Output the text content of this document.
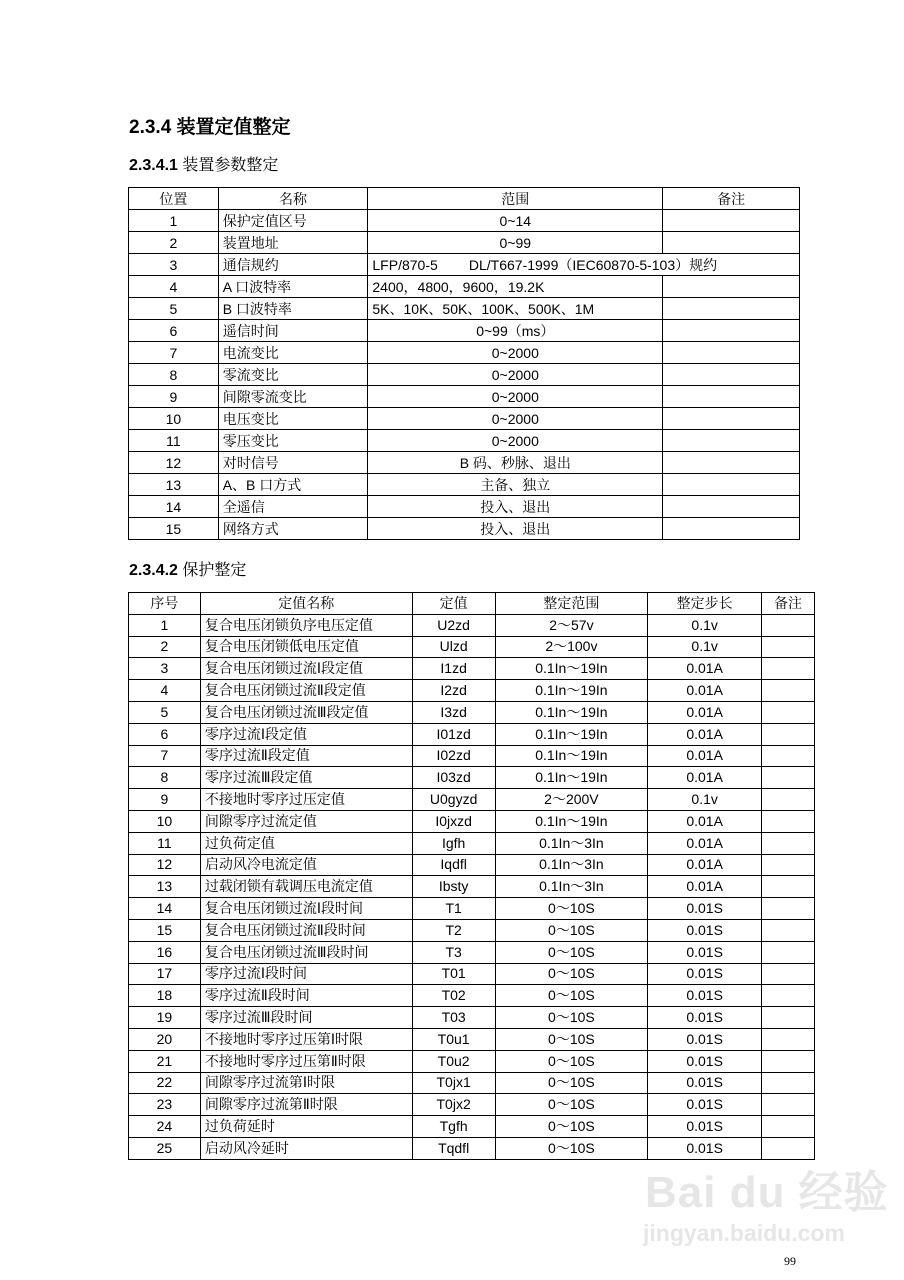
2.3.4 装置定值整定
2.3.4.1 装置参数整定
位置	名称	范围	备注
1	保护定值区号	0~14	
2	装置地址	0~99	
3	通信规约	LFP/870-5        DL/T667-1999（IEC60870-5-103）规约	
4	A 口波特率	2400，4800，9600，19.2K	
5	B 口波特率	5K、10K、50K、100K、500K、1M	
6	遥信时间	0~99（ms）	
7	电流变比	0~2000	
8	零流变比	0~2000	
9	间隙零流变比	0~2000	
10	电压变比	0~2000	
11	零压变比	0~2000	
12	对时信号	B 码、秒脉、退出	
13	A、B 口方式	主备、独立	
14	全遥信	投入、退出	
15	网络方式	投入、退出	
2.3.4.2 保护整定
序号	定值名称	定值	整定范围	整定步长	备注
1	复合电压闭锁负序电压定值	U2zd	2～57v	0.1v	
2	复合电压闭锁低电压定值	Ulzd	2～100v	0.1v	
3	复合电压闭锁过流Ⅰ段定值	I1zd	0.1In～19In	0.01A	
4	复合电压闭锁过流Ⅱ段定值	I2zd	0.1In～19In	0.01A	
5	复合电压闭锁过流Ⅲ段定值	I3zd	0.1In～19In	0.01A	
6	零序过流Ⅰ段定值	I01zd	0.1In～19In	0.01A	
7	零序过流Ⅱ段定值	I02zd	0.1In～19In	0.01A	
8	零序过流Ⅲ段定值	I03zd	0.1In～19In	0.01A	
9	不接地时零序过压定值	U0gyzd	2～200V	0.1v	
10	间隙零序过流定值	I0jxzd	0.1In～19In	0.01A	
11	过负荷定值	Igfh	0.1In～3In	0.01A	
12	启动风冷电流定值	Iqdfl	0.1In～3In	0.01A	
13	过载闭锁有载调压电流定值	Ibsty	0.1In～3In	0.01A	
14	复合电压闭锁过流Ⅰ段时间	T1	0～10S	0.01S	
15	复合电压闭锁过流Ⅱ段时间	T2	0～10S	0.01S	
16	复合电压闭锁过流Ⅲ段时间	T3	0～10S	0.01S	
17	零序过流Ⅰ段时间	T01	0～10S	0.01S	
18	零序过流Ⅱ段时间	T02	0～10S	0.01S	
19	零序过流Ⅲ段时间	T03	0～10S	0.01S	
20	不接地时零序过压第Ⅰ时限	T0u1	0～10S	0.01S	
21	不接地时零序过压第Ⅱ时限	T0u2	0～10S	0.01S	
22	间隙零序过流第Ⅰ时限	T0jx1	0～10S	0.01S	
23	间隙零序过流第Ⅱ时限	T0jx2	0～10S	0.01S	
24	过负荷延时	Tgfh	0～10S	0.01S	
25	启动风冷延时	Tqdfl	0～10S	0.01S	
Bai du 经验
jingyan.baidu.com
99
